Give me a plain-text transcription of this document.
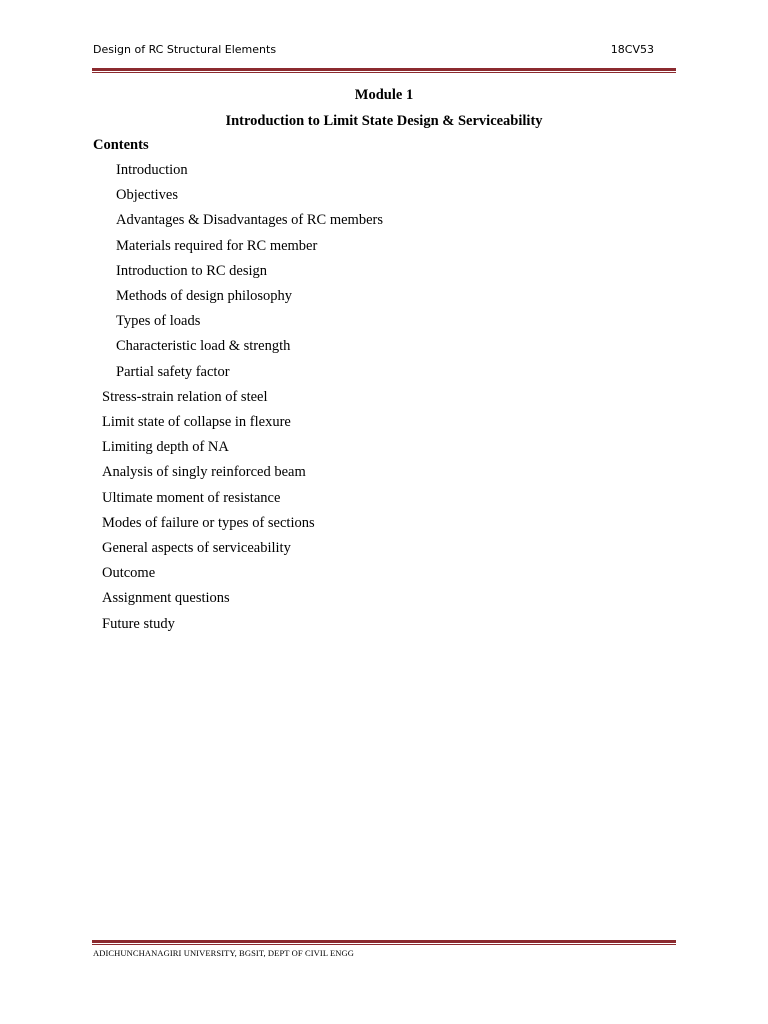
Design of RC Structural Elements	18CV53
Module 1
Introduction to Limit State Design & Serviceability
Contents
Introduction
Objectives
Advantages & Disadvantages of RC members
Materials required for RC member
Introduction to RC design
Methods of design philosophy
Types of loads
Characteristic load & strength
Partial safety factor
Stress-strain relation of steel
Limit state of collapse in flexure
Limiting depth of NA
Analysis of singly reinforced beam
Ultimate moment of resistance
Modes of failure or types of sections
General aspects of serviceability
Outcome
Assignment questions
Future study
ADICHUNCHANAGIRI UNIVERSITY, BGSIT, DEPT OF CIVIL ENGG
